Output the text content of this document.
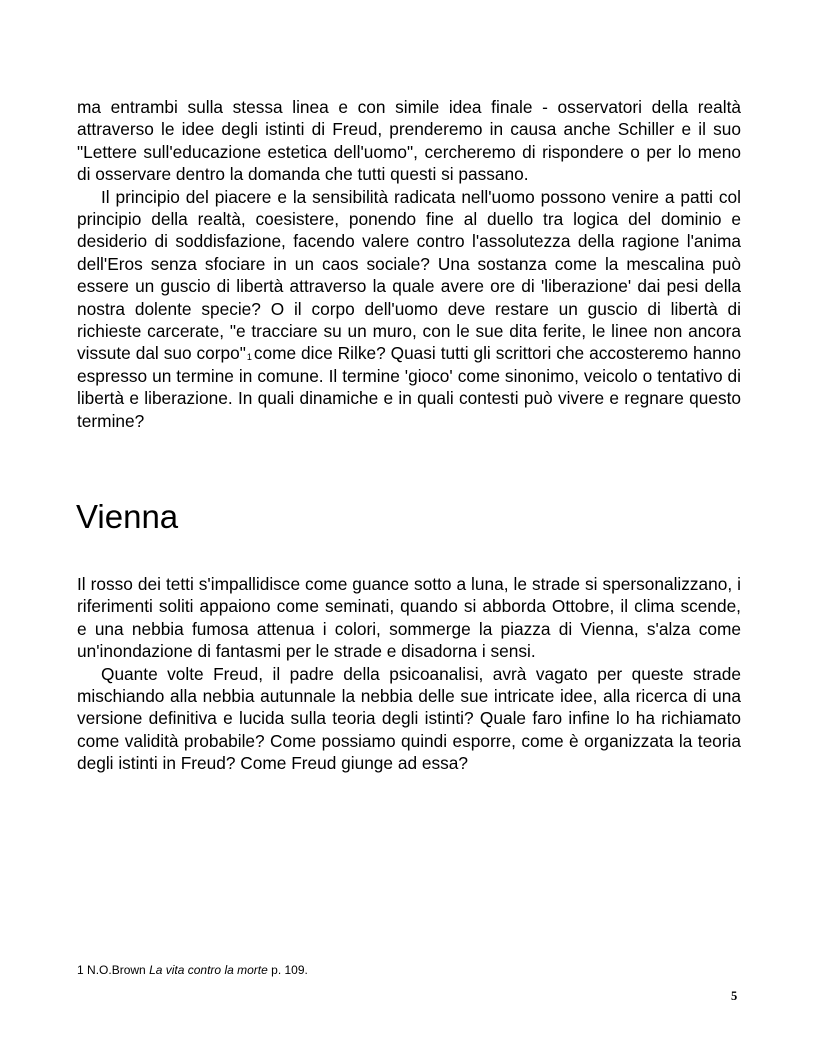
ma entrambi sulla stessa linea e con simile idea finale - osservatori della realtà attraverso le idee degli istinti di Freud, prenderemo in causa anche Schiller e il suo "Lettere sull'educazione estetica dell'uomo", cercheremo di rispondere o per lo meno di osservare dentro la domanda che tutti questi si passano.

Il principio del piacere e la sensibilità radicata nell'uomo possono venire a patti col principio della realtà, coesistere, ponendo fine al duello tra logica del dominio e desiderio di soddisfazione, facendo valere contro l'assolutezza della ragione l'anima dell'Eros senza sfociare in un caos sociale? Una sostanza come la mescalina può essere un guscio di libertà attraverso la quale avere ore di 'liberazione' dai pesi della nostra dolente specie? O il corpo dell'uomo deve restare un guscio di libertà di richieste carcerate, "e tracciare su un muro, con le sue dita ferite, le linee non ancora vissute dal suo corpo"$^1$ come dice Rilke? Quasi tutti gli scrittori che accosteremo hanno espresso un termine in comune. Il termine 'gioco' come sinonimo, veicolo o tentativo di libertà e liberazione. In quali dinamiche e in quali contesti può vivere e regnare questo termine?

Vienna

Il rosso dei tetti s'impallidisce come guance sotto a luna, le strade si spersonalizzano, i riferimenti soliti appaiono come seminati, quando si abborda Ottobre, il clima scende, e una nebbia fumosa attenua i colori, sommerge la piazza di Vienna, s'alza come un'inondazione di fantasmi per le strade e disadorna i sensi.

Quante volte Freud, il padre della psicoanalisi, avrà vagato per queste strade mischiando alla nebbia autunnale la nebbia delle sue intricate idee, alla ricerca di una versione definitiva e lucida sulla teoria degli istinti? Quale faro infine lo ha richiamato come validità probabile? Come possiamo quindi esporre, come è organizzata la teoria degli istinti in Freud? Come Freud giunge ad essa?

1 N.O.Brown La vita contro la morte p. 109.

5
